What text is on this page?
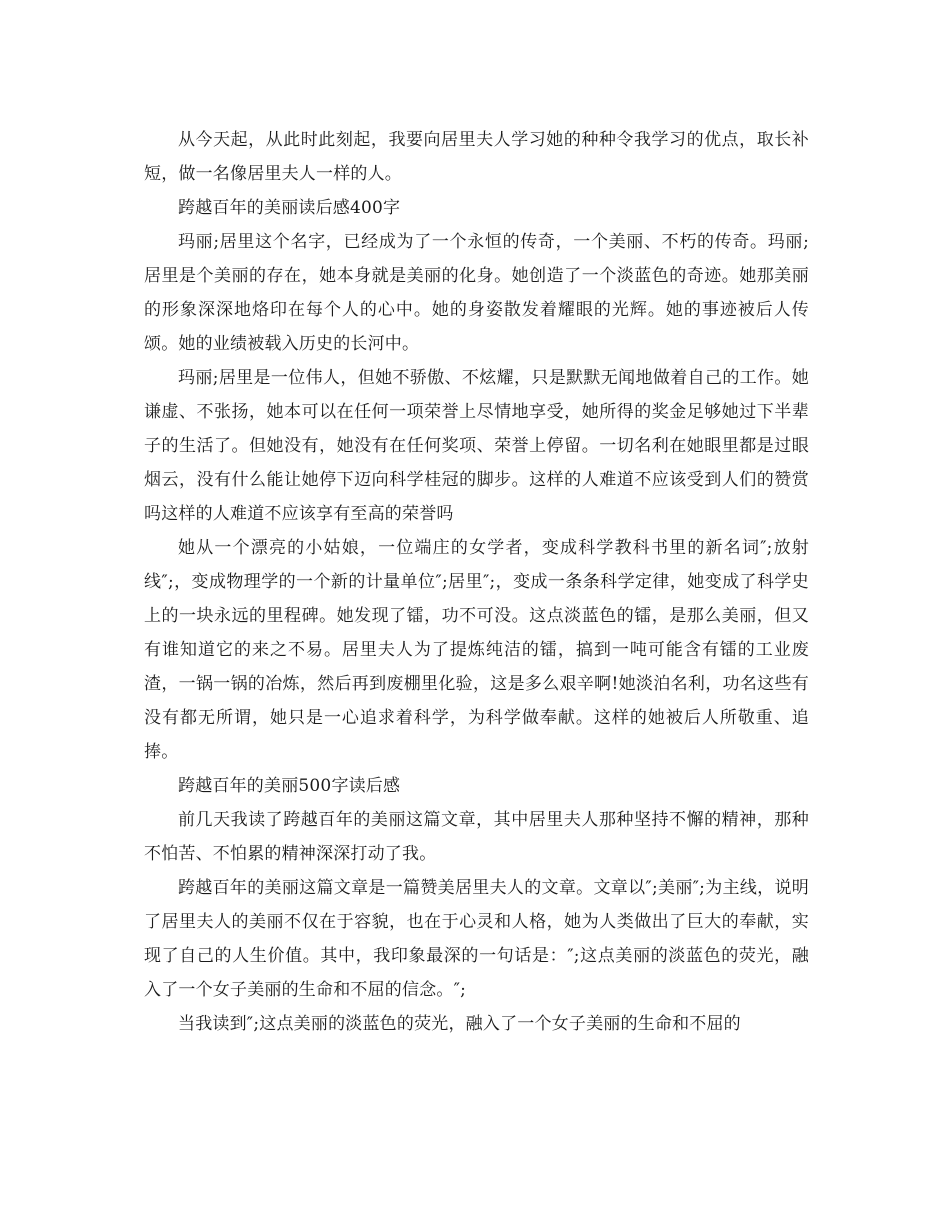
从今天起，从此时此刻起，我要向居里夫人学习她的种种令我学习的优点，取长补短，做一名像居里夫人一样的人。

跨越百年的美丽读后感400字

玛丽;居里这个名字，已经成为了一个永恒的传奇，一个美丽、不朽的传奇。玛丽;居里是个美丽的存在，她本身就是美丽的化身。她创造了一个淡蓝色的奇迹。她那美丽的形象深深地烙印在每个人的心中。她的身姿散发着耀眼的光辉。她的事迹被后人传颂。她的业绩被载入历史的长河中。

玛丽;居里是一位伟人，但她不骄傲、不炫耀，只是默默无闻地做着自己的工作。她谦虚、不张扬，她本可以在任何一项荣誉上尽情地享受，她所得的奖金足够她过下半辈子的生活了。但她没有，她没有在任何奖项、荣誉上停留。一切名利在她眼里都是过眼烟云，没有什么能让她停下迈向科学桂冠的脚步。这样的人难道不应该受到人们的赞赏吗这样的人难道不应该享有至高的荣誉吗

她从一个漂亮的小姑娘，一位端庄的女学者，变成科学教科书里的新名词″;放射线″;，变成物理学的一个新的计量单位″;居里″;，变成一条条科学定律，她变成了科学史上的一块永远的里程碑。她发现了镭，功不可没。这点淡蓝色的镭，是那么美丽，但又有谁知道它的来之不易。居里夫人为了提炼纯洁的镭，搞到一吨可能含有镭的工业废渣，一锅一锅的冶炼，然后再到废棚里化验，这是多么艰辛啊!她淡泊名利，功名这些有没有都无所谓，她只是一心追求着科学，为科学做奉献。这样的她被后人所敬重、追捧。

跨越百年的美丽500字读后感

前几天我读了跨越百年的美丽这篇文章，其中居里夫人那种坚持不懈的精神，那种不怕苦、不怕累的精神深深打动了我。

跨越百年的美丽这篇文章是一篇赞美居里夫人的文章。文章以″;美丽″;为主线，说明了居里夫人的美丽不仅在于容貌，也在于心灵和人格，她为人类做出了巨大的奉献，实现了自己的人生价值。其中，我印象最深的一句话是：″;这点美丽的淡蓝色的荧光，融入了一个女子美丽的生命和不屈的信念。″;

当我读到″;这点美丽的淡蓝色的荧光，融入了一个女子美丽的生命和不屈的
